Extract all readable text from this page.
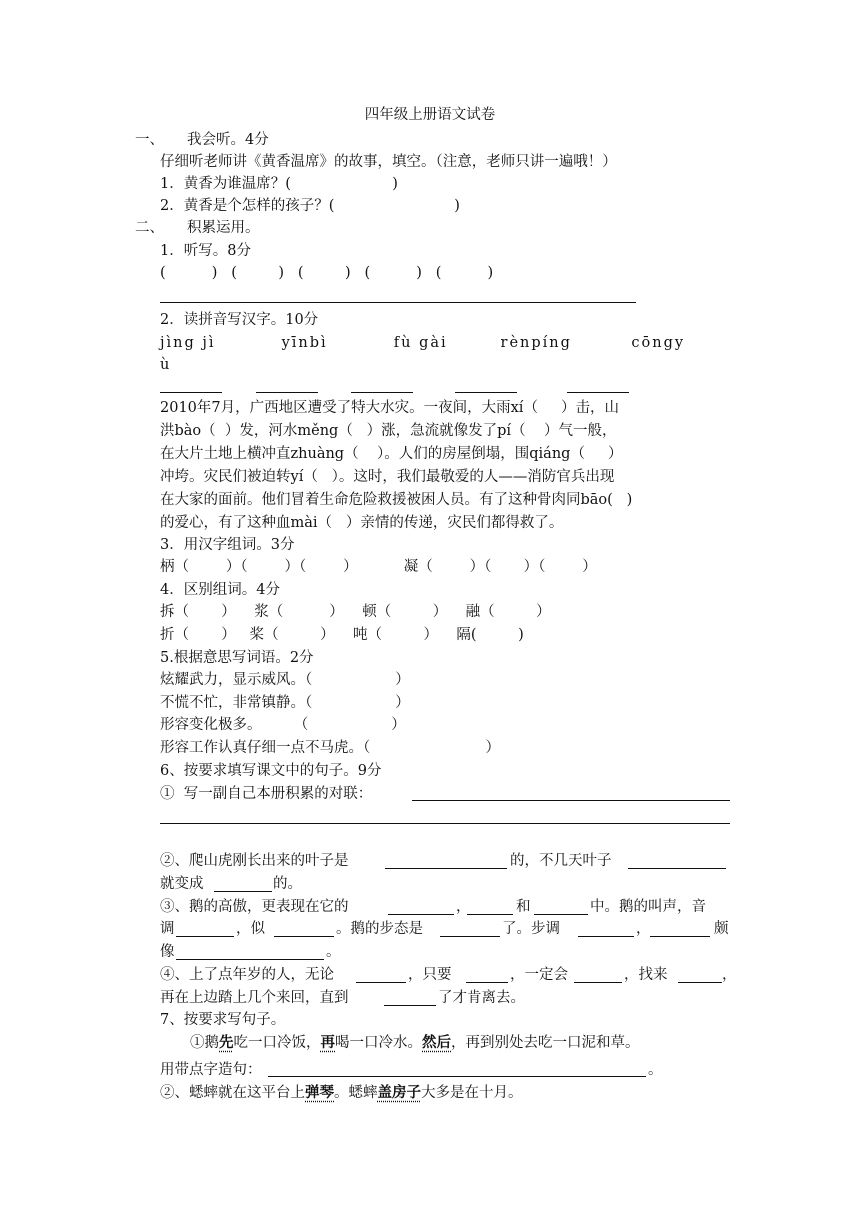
四年级上册语文试卷
一、     我会听。4分
仔细听老师讲《黄香温席》的故事，填空。（注意，老师只讲一遍哦！）
1．黄香为谁温席？(                      )
2．黄香是个怎样的孩子？(                          )
二、     积累运用。
1．听写。8分
(          )   (         )   (         )   (          )   (          )
2．读拼音写汉字。10分
jìng jì          yīnbì          fù gài        rènpíng         cōngy
ù
2010年7月，广西地区遭受了特大水灾。一夜间，大雨xí（     ）击，山
洪bào（  ）发，河水měng（   ）涨，急流就像发了pí（    ）气一般，
在大片土地上横冲直zhuàng（    ）。人们的房屋倒塌，围qiáng（     ）
冲垮。灾民们被迫转yí（   ）。这时，我们最敬爱的人——消防官兵出现
在大家的面前。他们冒着生命危险救援被困人员。有了这种骨肉同bāo(   )
的爱心，有了这种血mài（   ）亲情的传递，灾民们都得救了。
3．用汉字组词。3分
柄（        ）（        ）（        ）          凝（        ）（       ）（        ）
4．区别组词。4分
拆（       ）    浆（          ）    顿（         ）    融（         ）
折（       ）   桨（         ）    吨（         ）    隔(         )
5.根据意思写词语。2分
炫耀武力，显示威风。（                  ）
不慌不忙，非常镇静。（                  ）
形容变化极多。       （                  ）
形容工作认真仔细一点不马虎。（                         ）
6、按要求填写课文中的句子。9分
①  写一副自己本册积累的对联：
②、爬山虎刚长出来的叶子是	的，不几天叶子
就变成	的。
③、鹅的高傲，更表现在它的	，	和	中。鹅的叫声，音
调	，似	。鹅的步态是	了。步调	，	颇
像	。
④、上了点年岁的人，无论	，只要	，一定会	，找来	，
再在上边踏上几个来回，直到	了才肯离去。
7、按要求写句子。
①鹅先吃一口冷饭，再喝一口冷水。然后，再到别处去吃一口泥和草。
用带点字造句：	。
②、蟋蟀就在这平台上弹琴。蟋蟀盖房子大多是在十月。
